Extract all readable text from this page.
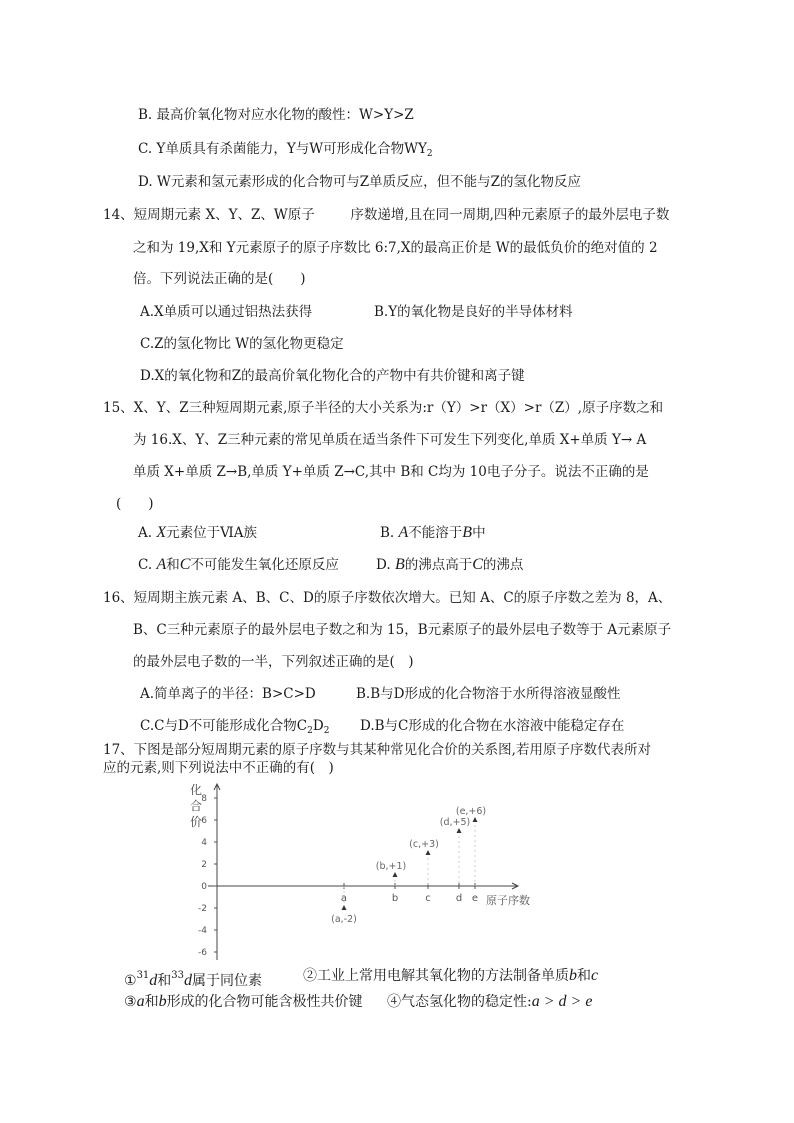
B. 最高价氧化物对应水化物的酸性：W>Y>Z
C. Y单质具有杀菌能力，Y与W可形成化合物$WY_2$
D. W元素和氢元素形成的化合物可与Z单质反应，但不能与Z的氢化物反应
14、短周期元素 X、Y、Z、W原子 　　 序数递增,且在同一周期,四种元素原子的最外层电子数
之和为 19,X和 Y元素原子的原子序数比 6:7,X的最高正价是 W的最低负价的绝对值的 2
倍。下列说法正确的是(　　)
A.X单质可以通过铝热法获得	B.Y的氧化物是良好的半导体材料
C.Z的氢化物比 W的氢化物更稳定
D.X的氧化物和Z的最高价氧化物化合的产物中有共价键和离子键
15、X、Y、Z三种短周期元素,原子半径的大小关系为:r（Y）>r（X）>r（Z）,原子序数之和
为 16.X、Y、Z三种元素的常见单质在适当条件下可发生下列变化,单质 X+单质 Y→ A
单质 X+单质 Z→B,单质 Y+单质 Z→C,其中 B和 C均为 10电子分子。说法不正确的是
(　　)
A. X元素位于ⅥA族	B. A不能溶于B中
C. A和C不可能发生氧化还原反应	D. B的沸点高于C的沸点
16、短周期主族元素 A、B、C、D的原子序数依次增大。已知 A、C的原子序数之差为 8，A、
B、C三种元素原子的最外层电子数之和为 15，B元素原子的最外层电子数等于 A元素原子
的最外层电子数的一半，下列叙述正确的是(　)
A.简单离子的半径：B>C>D	B.B与D形成的化合物溶于水所得溶液显酸性
C.C与D不可能形成化合物$C_2D_2$ D.B与C形成的化合物在水溶液中能稳定存在
17、下图是部分短周期元素的原子序数与其某种常见化合价的关系图,若用原子序数代表所对
应的元素,则下列说法中不正确的有(　)
化
合
价
8
6
4
2
0
-2
-4
-6
a
(a,-2)
b
(b,+1)
c
(c,+3)
d
(d,+5)
e
(e,+6)
原子序数
①$^{31}$d和$^{33}$d属于同位素	②工业上常用电解其氧化物的方法制备单质b和c
③a和b形成的化合物可能含极性共价键 ④气态氢化物的稳定性:a > d > e
